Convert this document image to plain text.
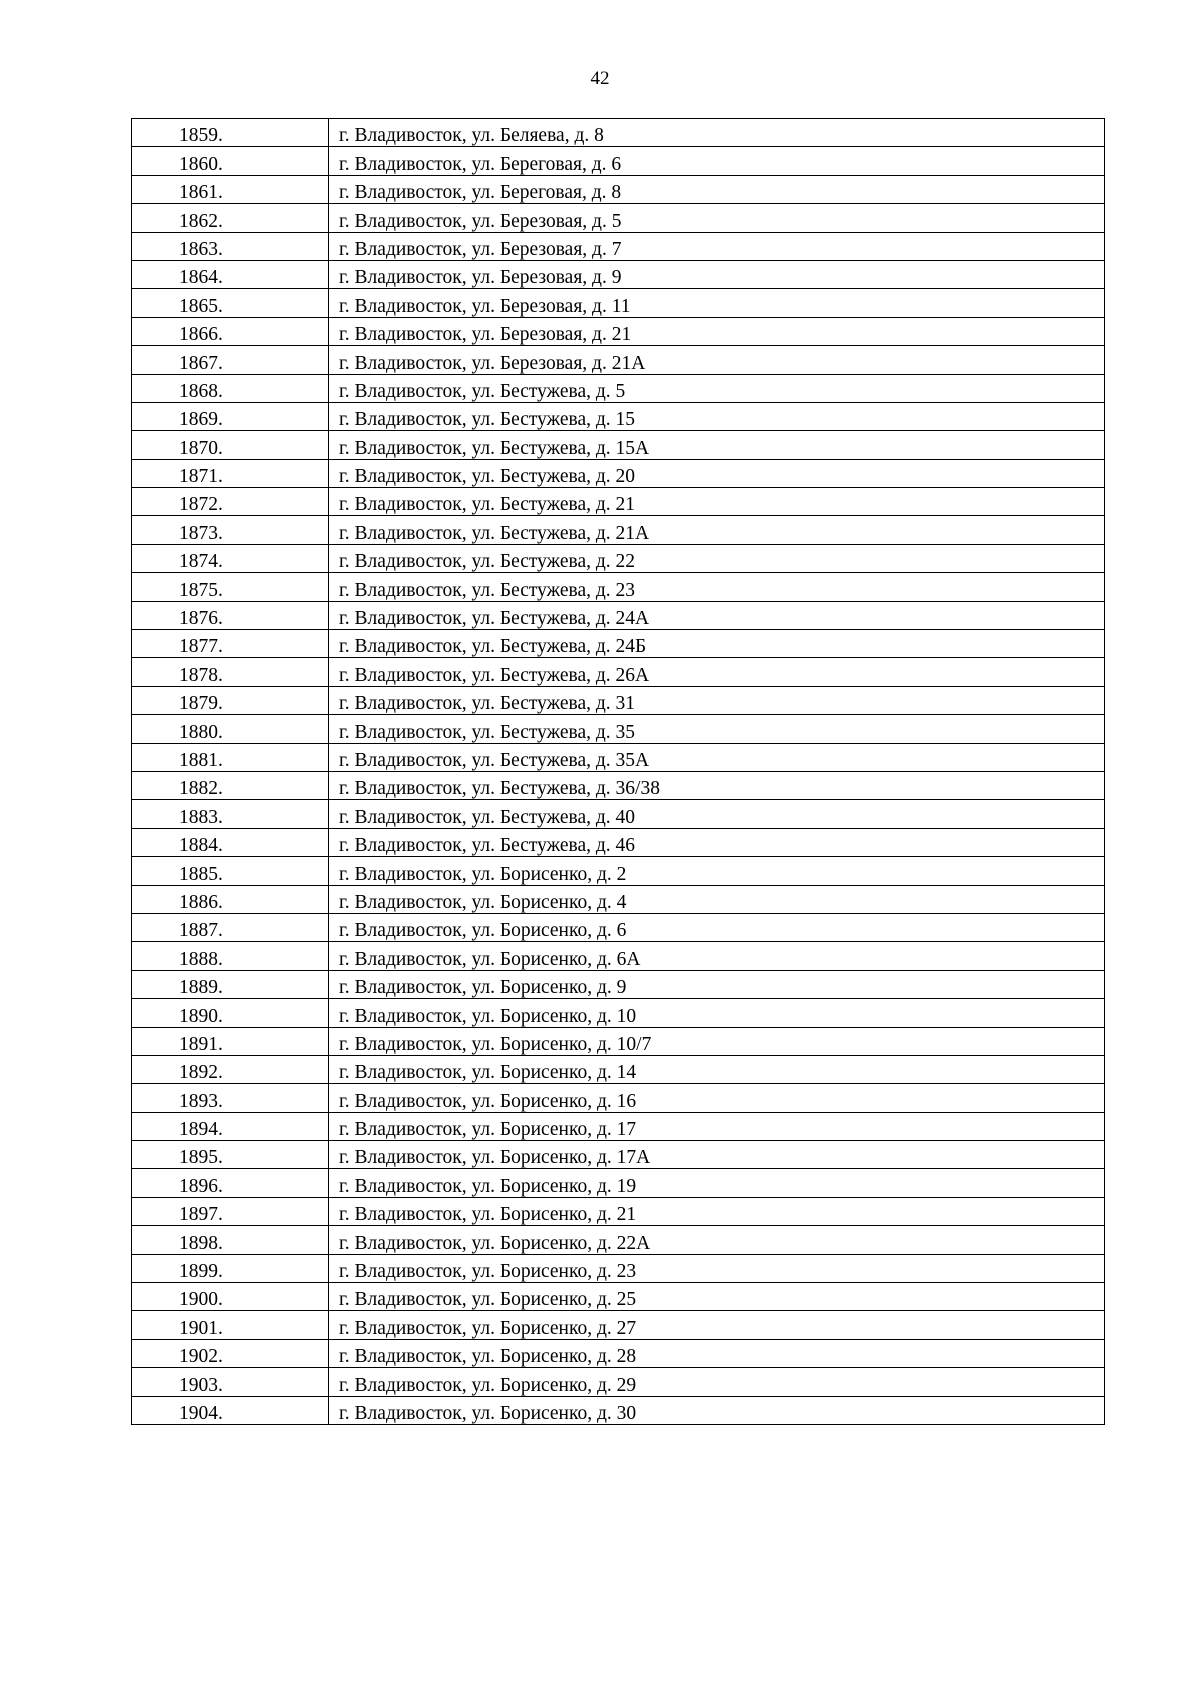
42
1859.	г. Владивосток, ул. Беляева, д. 8
1860.	г. Владивосток, ул. Береговая, д. 6
1861.	г. Владивосток, ул. Береговая, д. 8
1862.	г. Владивосток, ул. Березовая, д. 5
1863.	г. Владивосток, ул. Березовая, д. 7
1864.	г. Владивосток, ул. Березовая, д. 9
1865.	г. Владивосток, ул. Березовая, д. 11
1866.	г. Владивосток, ул. Березовая, д. 21
1867.	г. Владивосток, ул. Березовая, д. 21А
1868.	г. Владивосток, ул. Бестужева, д. 5
1869.	г. Владивосток, ул. Бестужева, д. 15
1870.	г. Владивосток, ул. Бестужева, д. 15А
1871.	г. Владивосток, ул. Бестужева, д. 20
1872.	г. Владивосток, ул. Бестужева, д. 21
1873.	г. Владивосток, ул. Бестужева, д. 21А
1874.	г. Владивосток, ул. Бестужева, д. 22
1875.	г. Владивосток, ул. Бестужева, д. 23
1876.	г. Владивосток, ул. Бестужева, д. 24А
1877.	г. Владивосток, ул. Бестужева, д. 24Б
1878.	г. Владивосток, ул. Бестужева, д. 26А
1879.	г. Владивосток, ул. Бестужева, д. 31
1880.	г. Владивосток, ул. Бестужева, д. 35
1881.	г. Владивосток, ул. Бестужева, д. 35А
1882.	г. Владивосток, ул. Бестужева, д. 36/38
1883.	г. Владивосток, ул. Бестужева, д. 40
1884.	г. Владивосток, ул. Бестужева, д. 46
1885.	г. Владивосток, ул. Борисенко, д. 2
1886.	г. Владивосток, ул. Борисенко, д. 4
1887.	г. Владивосток, ул. Борисенко, д. 6
1888.	г. Владивосток, ул. Борисенко, д. 6А
1889.	г. Владивосток, ул. Борисенко, д. 9
1890.	г. Владивосток, ул. Борисенко, д. 10
1891.	г. Владивосток, ул. Борисенко, д. 10/7
1892.	г. Владивосток, ул. Борисенко, д. 14
1893.	г. Владивосток, ул. Борисенко, д. 16
1894.	г. Владивосток, ул. Борисенко, д. 17
1895.	г. Владивосток, ул. Борисенко, д. 17А
1896.	г. Владивосток, ул. Борисенко, д. 19
1897.	г. Владивосток, ул. Борисенко, д. 21
1898.	г. Владивосток, ул. Борисенко, д. 22А
1899.	г. Владивосток, ул. Борисенко, д. 23
1900.	г. Владивосток, ул. Борисенко, д. 25
1901.	г. Владивосток, ул. Борисенко, д. 27
1902.	г. Владивосток, ул. Борисенко, д. 28
1903.	г. Владивосток, ул. Борисенко, д. 29
1904.	г. Владивосток, ул. Борисенко, д. 30
